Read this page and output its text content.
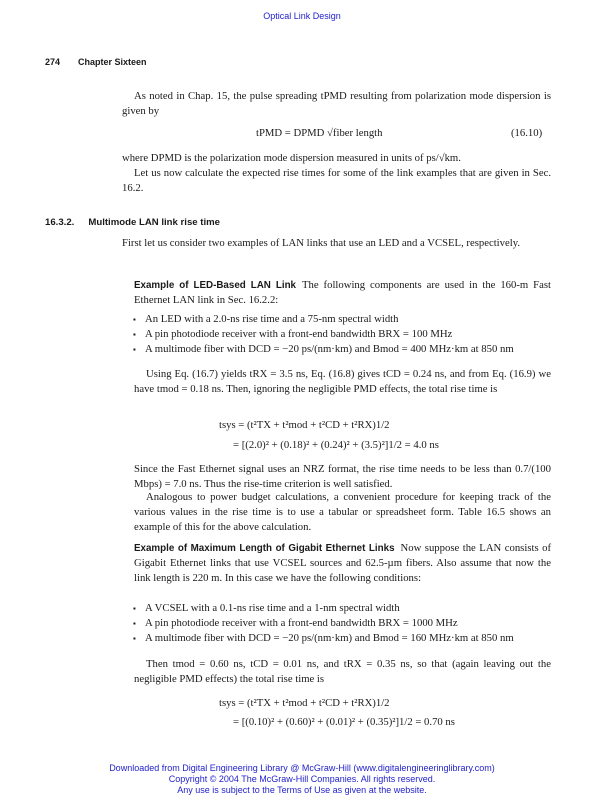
Optical Link Design
274 Chapter Sixteen
As noted in Chap. 15, the pulse spreading tPMD resulting from polarization mode dispersion is given by
tPMD = DPMD √fiber length	(16.10)
where DPMD is the polarization mode dispersion measured in units of ps/√km.
Let us now calculate the expected rise times for some of the link examples that are given in Sec. 16.2.
16.3.2. Multimode LAN link rise time
First let us consider two examples of LAN links that use an LED and a VCSEL, respectively.
Example of LED-Based LAN Link The following components are used in the 160-m Fast Ethernet LAN link in Sec. 16.2.2:
▪ An LED with a 2.0-ns rise time and a 75-nm spectral width
▪ A pin photodiode receiver with a front-end bandwidth BRX = 100 MHz
▪ A multimode fiber with DCD = −20 ps/(nm·km) and Bmod = 400 MHz·km at 850 nm
Using Eq. (16.7) yields tRX = 3.5 ns, Eq. (16.8) gives tCD = 0.24 ns, and from Eq. (16.9) we have tmod = 0.18 ns. Then, ignoring the negligible PMD effects, the total rise time is
tsys = (t²TX + t²mod + t²CD + t²RX)1/2
= [(2.0)² + (0.18)² + (0.24)² + (3.5)²]1/2 = 4.0 ns
Since the Fast Ethernet signal uses an NRZ format, the rise time needs to be less than 0.7/(100 Mbps) = 7.0 ns. Thus the rise-time criterion is well satisfied.
Analogous to power budget calculations, a convenient procedure for keeping track of the various values in the rise time is to use a tabular or spreadsheet form. Table 16.5 shows an example of this for the above calculation.
Example of Maximum Length of Gigabit Ethernet Links Now suppose the LAN consists of Gigabit Ethernet links that use VCSEL sources and 62.5-µm fibers. Also assume that now the link length is 220 m. In this case we have the following conditions:
▪ A VCSEL with a 0.1-ns rise time and a 1-nm spectral width
▪ A pin photodiode receiver with a front-end bandwidth BRX = 1000 MHz
▪ A multimode fiber with DCD = −20 ps/(nm·km) and Bmod = 160 MHz·km at 850 nm
Then tmod = 0.60 ns, tCD = 0.01 ns, and tRX = 0.35 ns, so that (again leaving out the negligible PMD effects) the total rise time is
tsys = (t²TX + t²mod + t²CD + t²RX)1/2
= [(0.10)² + (0.60)² + (0.01)² + (0.35)²]1/2 = 0.70 ns
Downloaded from Digital Engineering Library @ McGraw-Hill (www.digitalengineeringlibrary.com)
Copyright © 2004 The McGraw-Hill Companies. All rights reserved.
Any use is subject to the Terms of Use as given at the website.
